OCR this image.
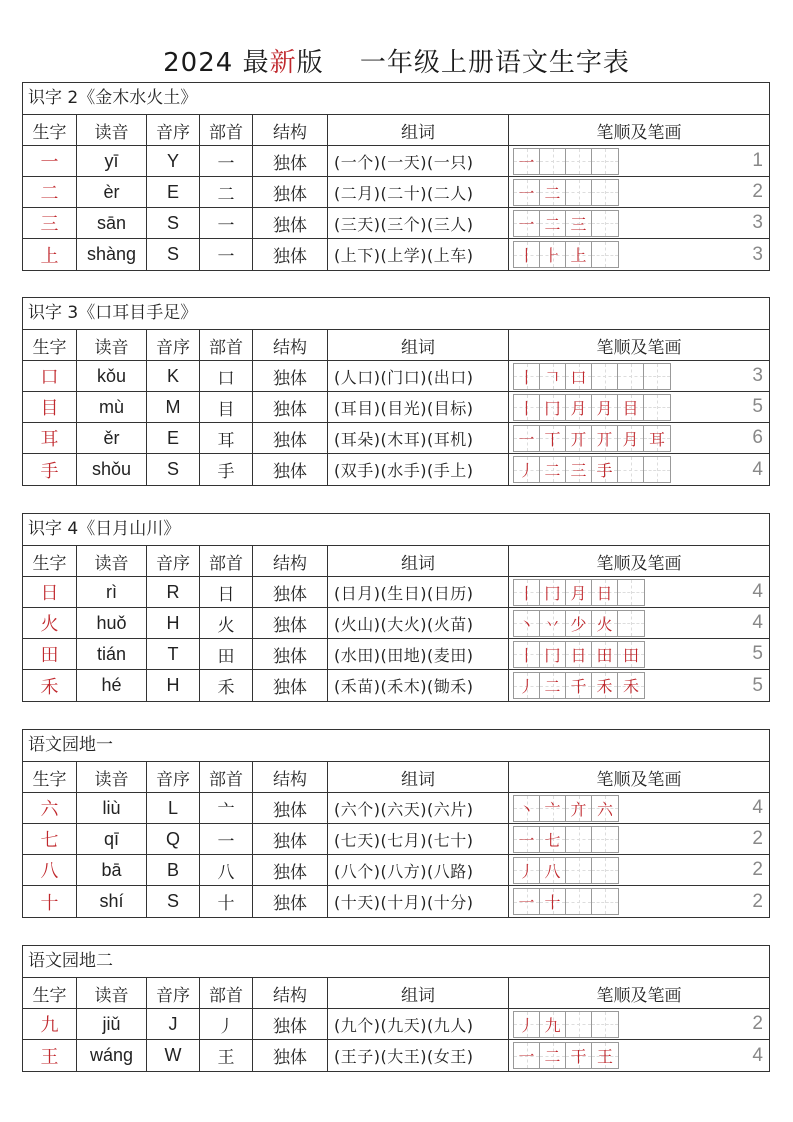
2024 最新版　 一年级上册语文生字表
识字 2《金木水火土》
生字	读音	音序	部首	结构	组词	笔顺及笔画
一	yī	Y	一	独体	(一个)(一天)(一只)	一	1
二	èr	E	二	独体	(二月)(二十)(二人)	一 二	2
三	sān	S	一	独体	(三天)(三个)(三人)	一 二 三	3
上	shàng	S	一	独体	(上下)(上学)(上车)	丨 ⺊ 上	3
识字 3《口耳目手足》
生字	读音	音序	部首	结构	组词	笔顺及笔画
口	kǒu	K	口	独体	(人口)(门口)(出口)	丨 𠃍 口	3
目	mù	M	目	独体	(耳目)(目光)(目标)	丨 冂 月 月 目	5
耳	ěr	E	耳	独体	(耳朵)(木耳)(耳机)	一 丅 丌 丌 月 耳	6
手	shǒu	S	手	独体	(双手)(水手)(手上)	丿 二 三 手	4
识字 4《日月山川》
生字	读音	音序	部首	结构	组词	笔顺及笔画
日	rì	R	日	独体	(日月)(生日)(日历)	丨 冂 月 日	4
火	huǒ	H	火	独体	(火山)(大火)(火苗)	丶 丷 少 火	4
田	tián	T	田	独体	(水田)(田地)(麦田)	丨 冂 日 田 田	5
禾	hé	H	禾	独体	(禾苗)(禾木)(锄禾)	丿 二 千 禾 禾	5
语文园地一
生字	读音	音序	部首	结构	组词	笔顺及笔画
六	liù	L	亠	独体	(六个)(六天)(六片)	丶 亠 亣 六	4
七	qī	Q	一	独体	(七天)(七月)(七十)	一 七	2
八	bā	B	八	独体	(八个)(八方)(八路)	丿 八	2
十	shí	S	十	独体	(十天)(十月)(十分)	一 十	2
语文园地二
生字	读音	音序	部首	结构	组词	笔顺及笔画
九	jiǔ	J	丿	独体	(九个)(九天)(九人)	丿 九	2
王	wáng	W	王	独体	(王子)(大王)(女王)	一 二 干 王	4
